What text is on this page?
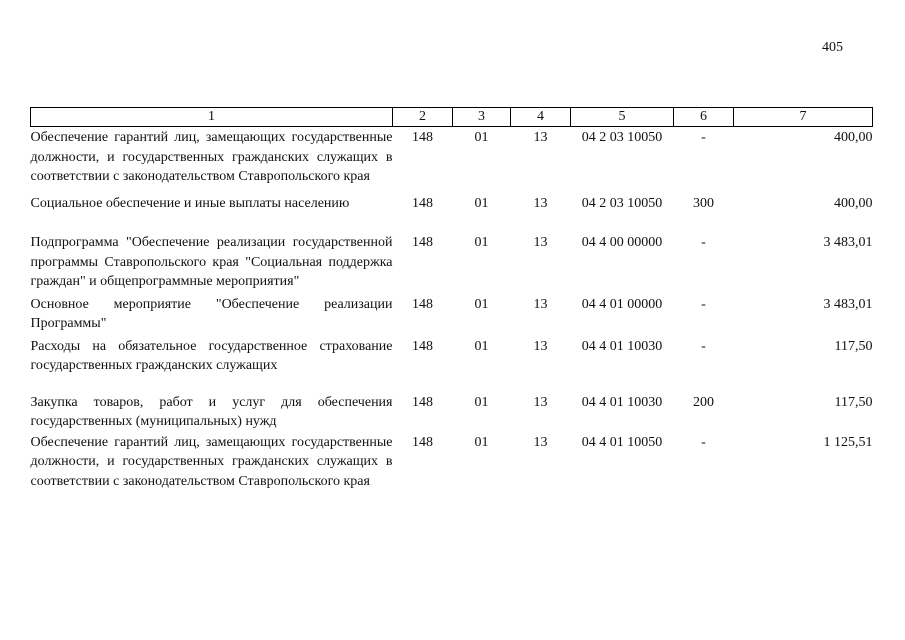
405
1	2	3	4	5	6	7
Обеспечение гарантий лиц, замещающих государственные должности, и государственных гражданских служащих в соответствии с законодательством Ставропольского края	148	01	13	04 2 03 10050	-	400,00
Социальное обеспечение и иные выплаты населению	148	01	13	04 2 03 10050	300	400,00
Подпрограмма "Обеспечение реализации государственной программы Ставропольского края "Социальная поддержка граждан" и общепрограммные мероприятия"	148	01	13	04 4 00 00000	-	3 483,01
Основное мероприятие "Обеспечение реализации Программы"	148	01	13	04 4 01 00000	-	3 483,01
Расходы на обязательное государственное страхование государственных гражданских служащих	148	01	13	04 4 01 10030	-	117,50
Закупка товаров, работ и услуг для обеспечения государственных (муниципальных) нужд	148	01	13	04 4 01 10030	200	117,50
Обеспечение гарантий лиц, замещающих государственные должности, и государственных гражданских служащих в соответствии с законодательством Ставропольского края	148	01	13	04 4 01 10050	-	1 125,51
